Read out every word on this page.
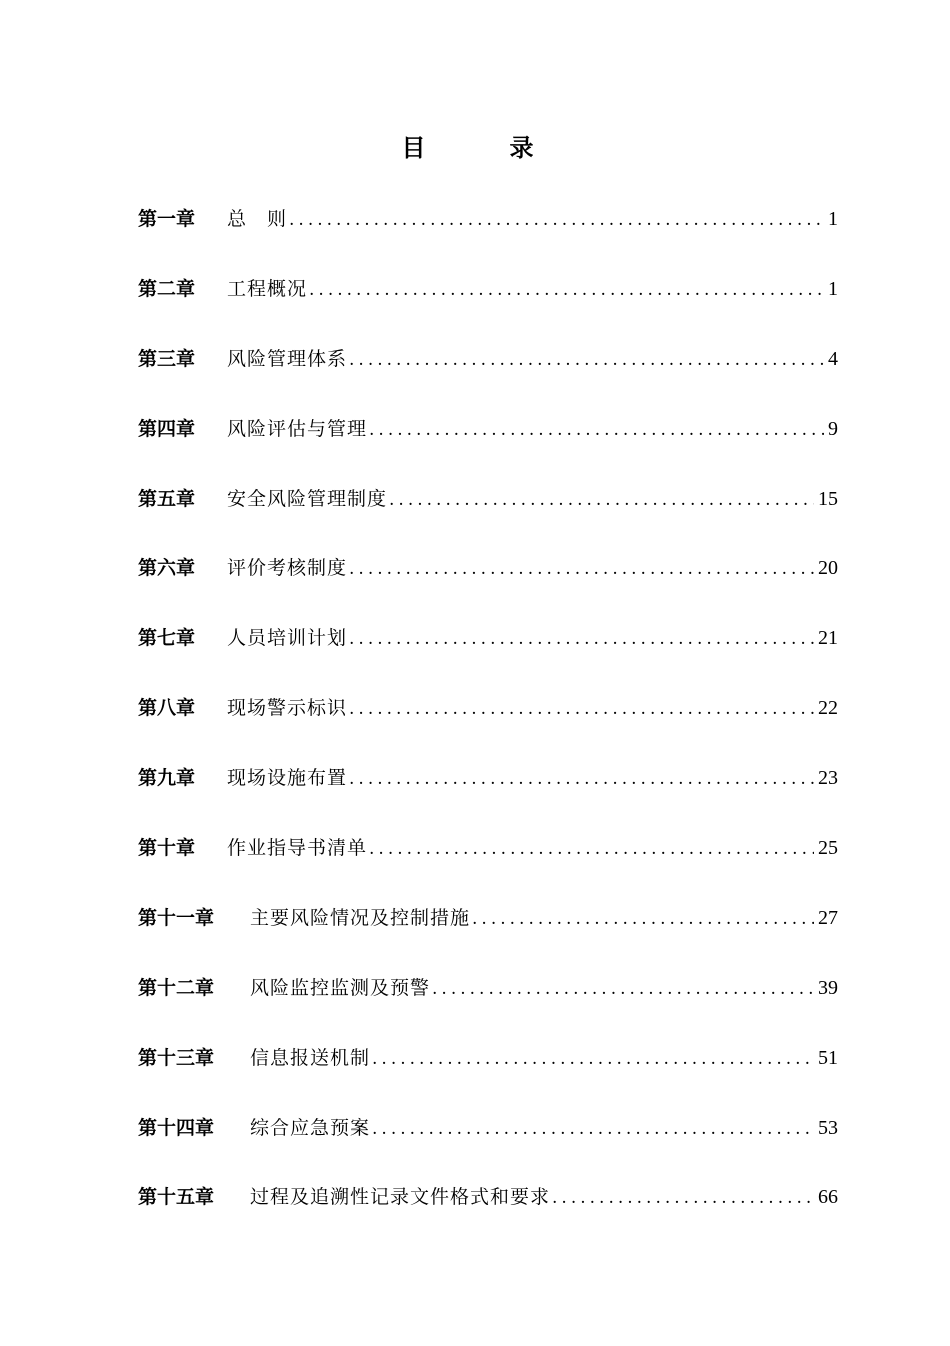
目　录
第一章	总　则 .....	1
第二章	工程概况 .....	1
第三章	风险管理体系 .....	4
第四章	风险评估与管理 .....	9
第五章	安全风险管理制度 .....	15
第六章	评价考核制度 .....	20
第七章	人员培训计划 .....	21
第八章	现场警示标识 .....	22
第九章	现场设施布置 .....	23
第十章	作业指导书清单 .....	25
第十一章	主要风险情况及控制措施 .....	27
第十二章	风险监控监测及预警 .....	39
第十三章	信息报送机制 .....	51
第十四章	综合应急预案 .....	53
第十五章	过程及追溯性记录文件格式和要求 .....	66
